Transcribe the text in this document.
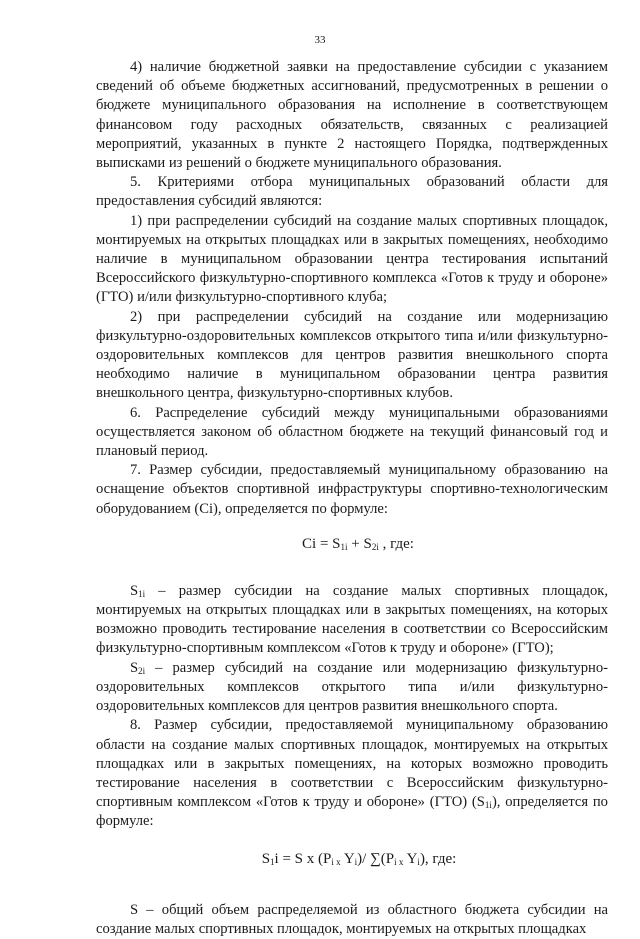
33

4) наличие бюджетной заявки на предоставление субсидии с указанием сведений об объеме бюджетных ассигнований, предусмотренных в решении о бюджете муниципального образования на исполнение в соответствующем финансовом году расходных обязательств, связанных с реализацией мероприятий, указанных в пункте 2 настоящего Порядка, подтвержденных выписками из решений о бюджете муниципального образования.

5. Критериями отбора муниципальных образований области для предоставления субсидий являются:

1) при распределении субсидий на создание малых спортивных площадок, монтируемых на открытых площадках или в закрытых помещениях, необходимо наличие в муниципальном образовании центра тестирования испытаний Всероссийского физкультурно-спортивного комплекса «Готов к труду и обороне» (ГТО) и/или физкультурно-спортивного клуба;

2) при распределении субсидий на создание или модернизацию физкультурно-оздоровительных комплексов открытого типа и/или физкультурно-оздоровительных комплексов для центров развития внешкольного спорта необходимо наличие в муниципальном образовании центра развития внешкольного центра, физкультурно-спортивных клубов.

6. Распределение субсидий между муниципальными образованиями осуществляется законом об областном бюджете на текущий финансовый год и плановый период.

7. Размер субсидии, предоставляемый муниципальному образованию на оснащение объектов спортивной инфраструктуры спортивно-технологическим оборудованием (Ci), определяется по формуле:

$Ci = S_{1i} + S_{2i}$ , где:

$S_{1i}$ – размер субсидии на создание малых спортивных площадок, монтируемых на открытых площадках или в закрытых помещениях, на которых возможно проводить тестирование населения в соответствии со Всероссийским физкультурно-спортивным комплексом «Готов к труду и обороне» (ГТО);

$S_{2i}$ – размер субсидий на создание или модернизацию физкультурно-оздоровительных комплексов открытого типа и/или физкультурно-оздоровительных комплексов для центров развития внешкольного спорта.

8. Размер субсидии, предоставляемой муниципальному образованию области на создание малых спортивных площадок, монтируемых на открытых площадках или в закрытых помещениях, на которых возможно проводить тестирование населения в соответствии с Всероссийским физкультурно-спортивным комплексом «Готов к труду и обороне» (ГТО) $(S_{1i})$, определяется по формуле:

$S_1i = S$ x ($P_{i x}$ $Y_i)/$ $\sum(P_{i x}$ $Y_i$), где:

S – общий объем распределяемой из областного бюджета субсидии на создание малых спортивных площадок, монтируемых на открытых площадках
